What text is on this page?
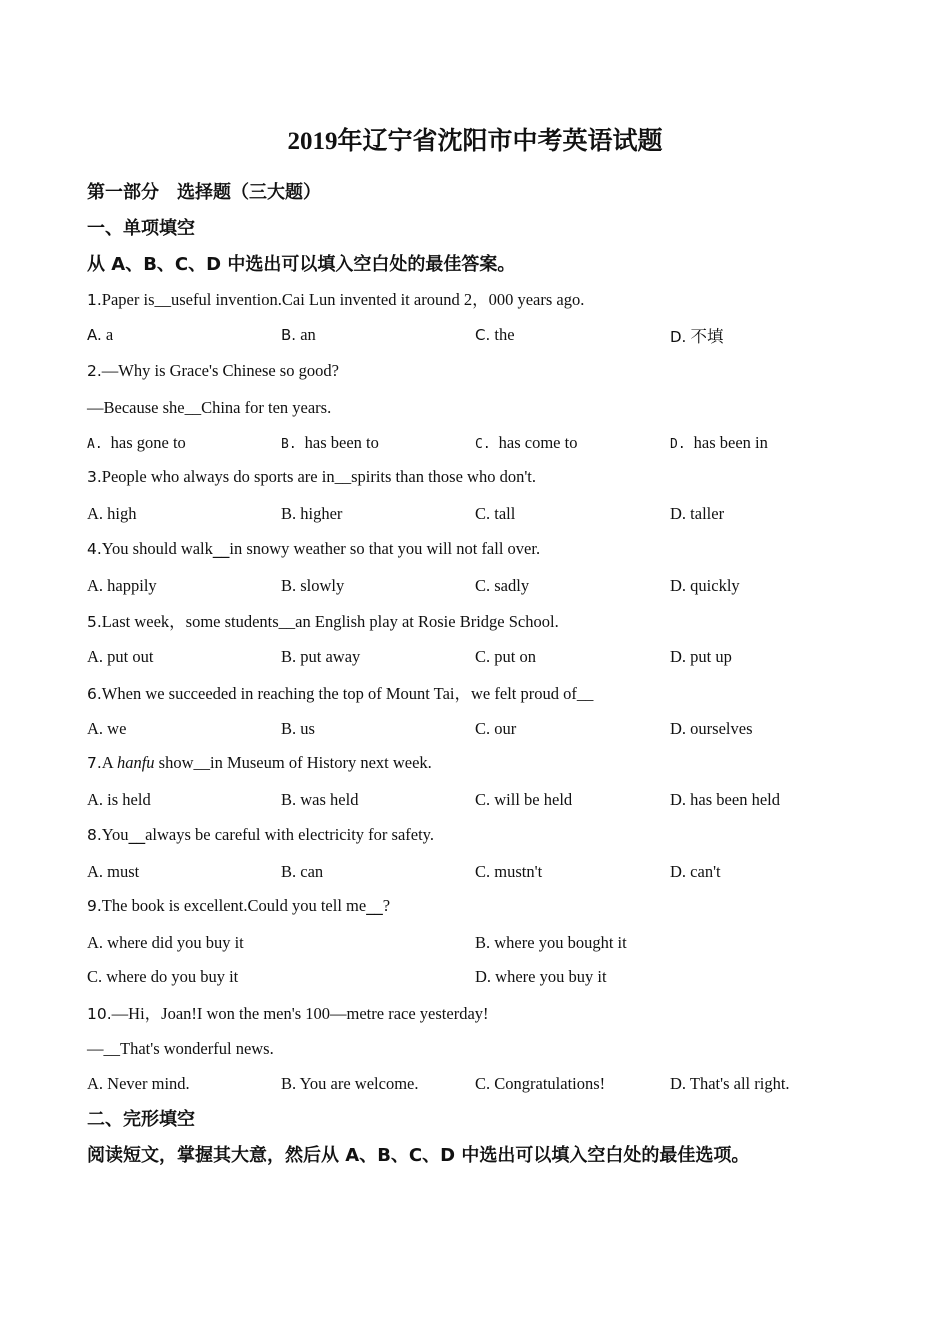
2019年辽宁省沈阳市中考英语试题
第一部分　选择题（三大题）
一、单项填空
从 A、B、C、D 中选出可以填入空白处的最佳答案。
1.Paper is__useful invention.Cai Lun invented it around 2，000 years ago.
A. a	B. an	C. the	D. 不填
2.—Why is Grace's Chinese so good?
—Because she__China for ten years.
A. has gone to	B. has been to	C. has come to	D. has been in
3.People who always do sports are in__spirits than those who don't.
A. high	B. higher	C. tall	D. taller
4.You should walk__in snowy weather so that you will not fall over.
A. happily	B. slowly	C. sadly	D. quickly
5.Last week，some students__an English play at Rosie Bridge School.
A. put out	B. put away	C. put on	D. put up
6.When we succeeded in reaching the top of Mount Tai，we felt proud of__
A. we	B. us	C. our	D. ourselves
7.A hanfu show__in Museum of History next week.
A. is held	B. was held	C. will be held	D. has been held
8.You__always be careful with electricity for safety.
A. must	B. can	C. mustn't	D. can't
9.The book is excellent.Could you tell me__?
A. where did you buy it	B. where you bought it
C. where do you buy it	D. where you buy it
10.—Hi，Joan!I won the men's 100—metre race yesterday!
—__That's wonderful news.
A. Never mind.	B. You are welcome.	C. Congratulations!	D. That's all right.
二、完形填空
阅读短文，掌握其大意，然后从 A、B、C、D 中选出可以填入空白处的最佳选项。
